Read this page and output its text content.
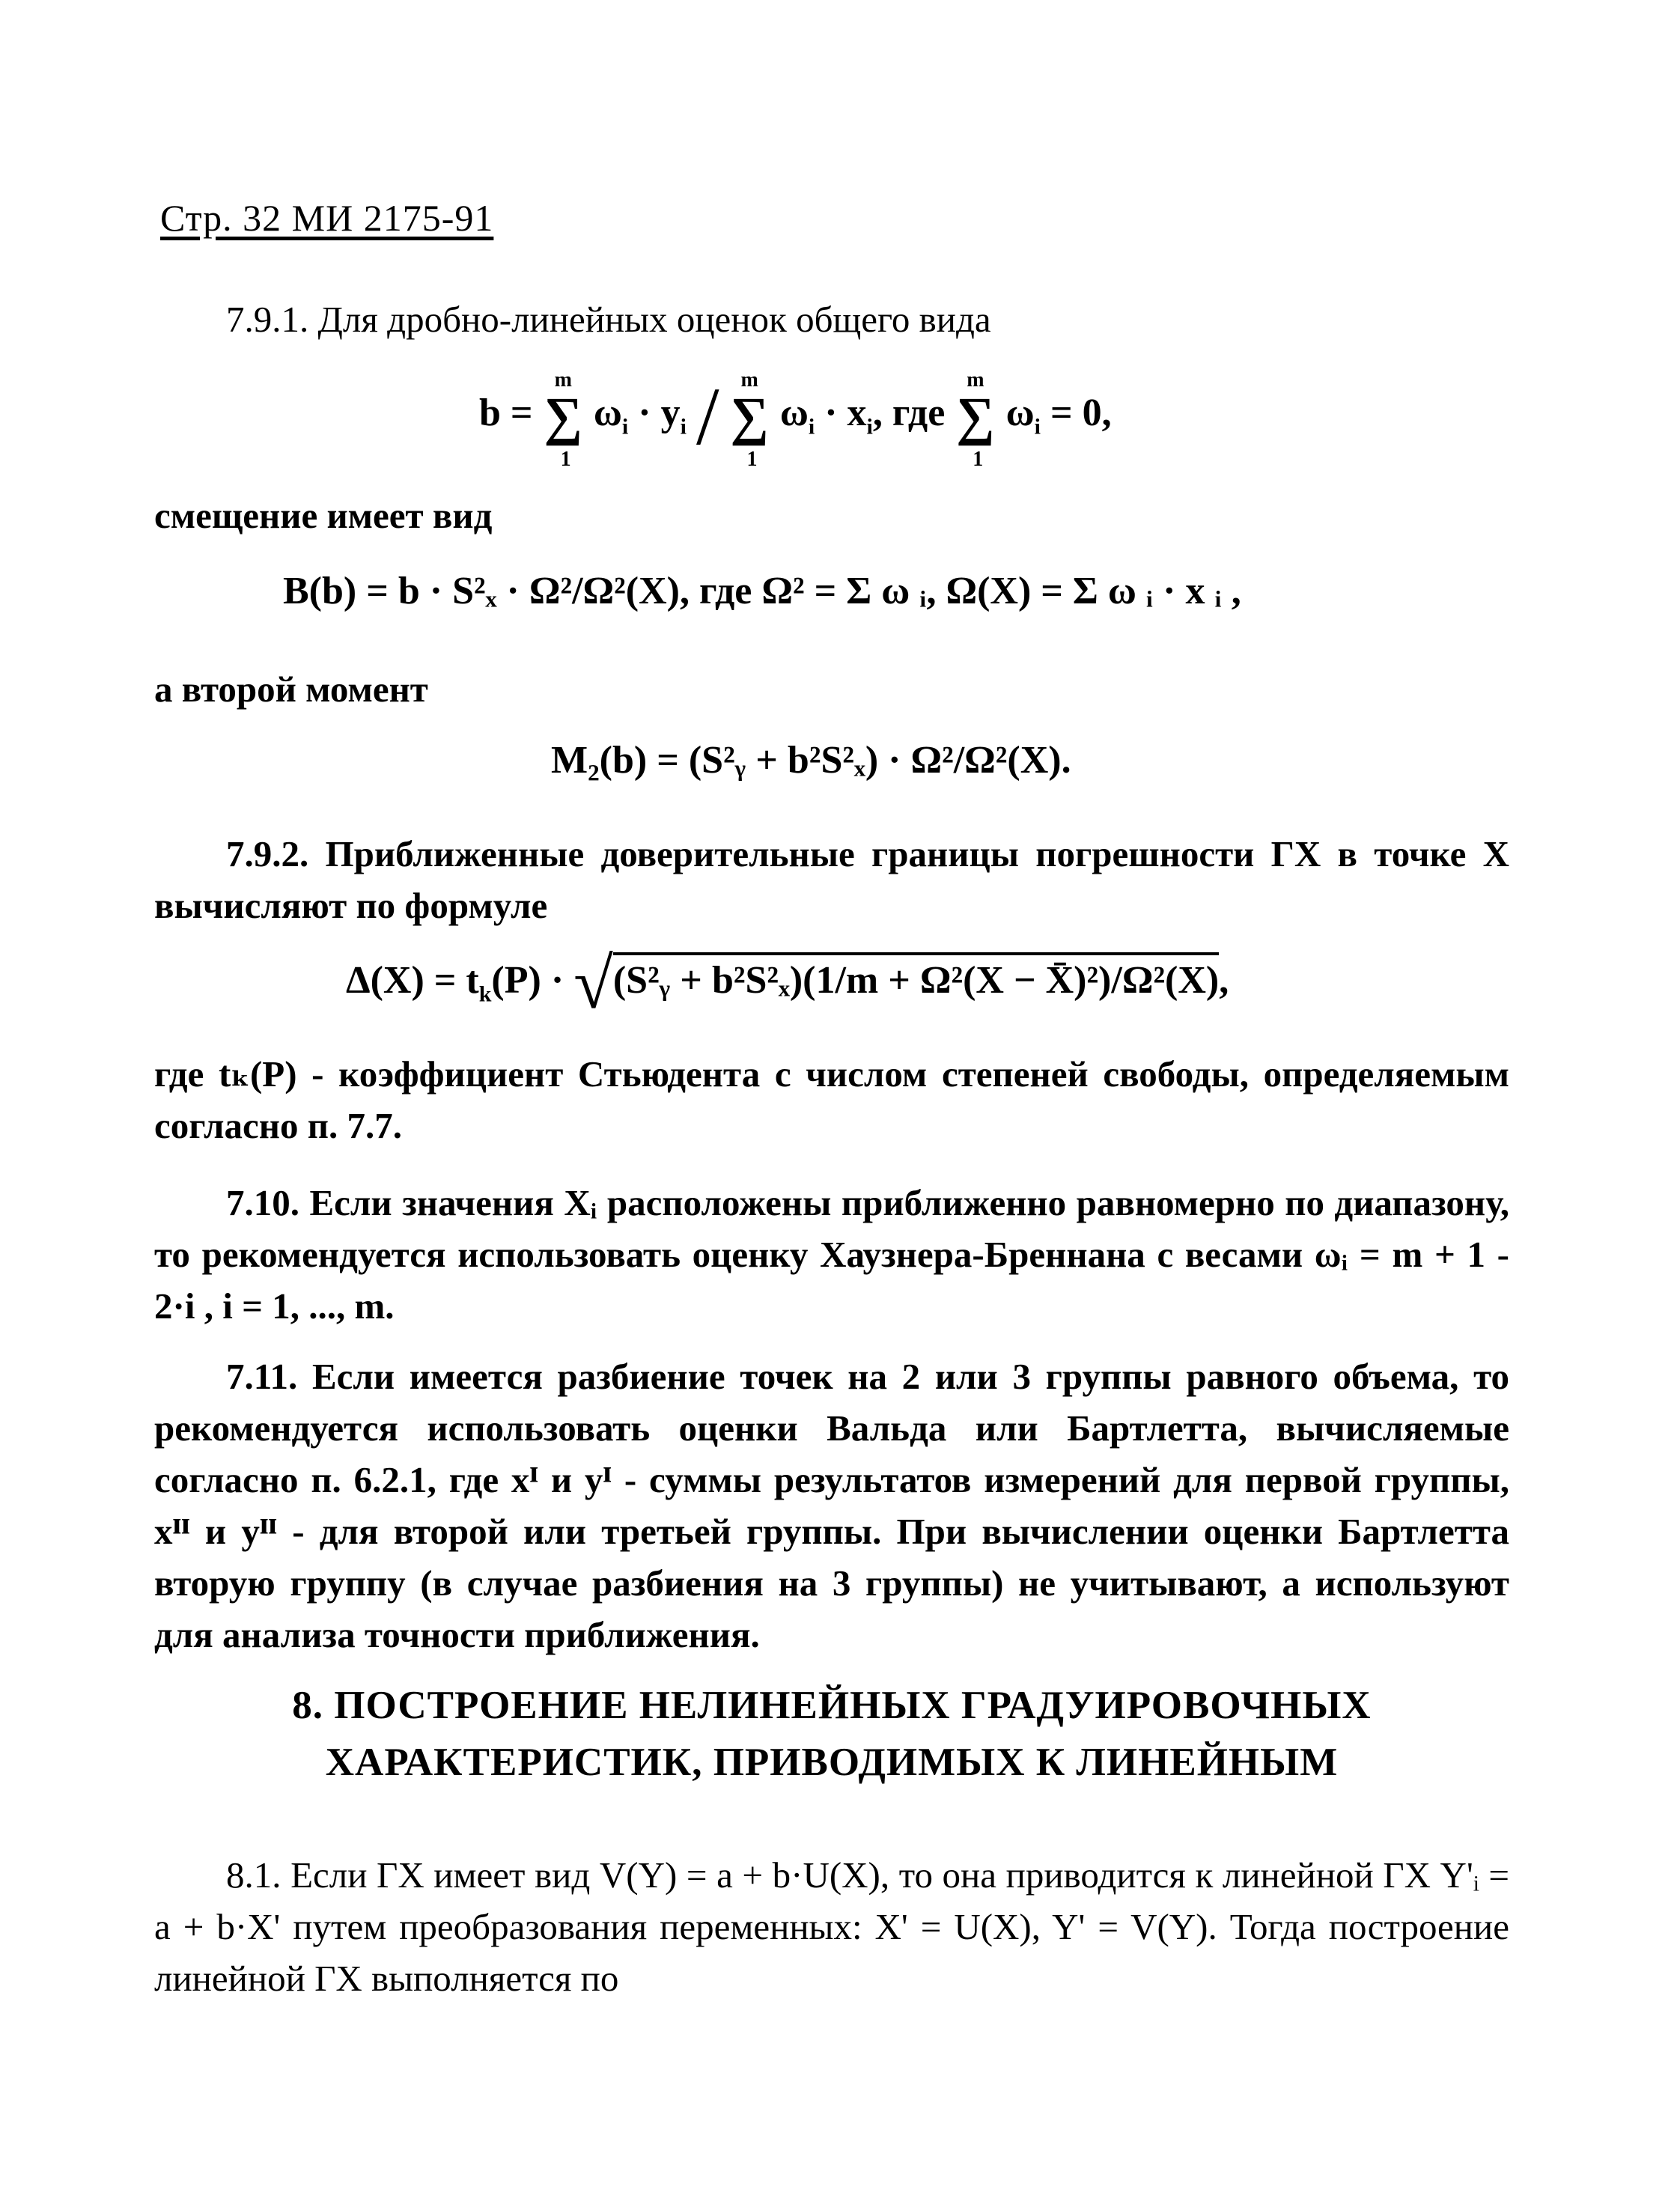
Стр. 32 МИ 2175-91
7.9.1. Для дробно-линейных оценок общего вида
b = ∑
m
1
$\omega_i \cdot y_i$ / ∑
m
1
$\omega_i \cdot x_i$, где ∑
m
1
$\omega_i = 0$,
смещение имеет вид
B(b) = b · S²ₓ · Ω²/Ω²(X), где Ω² = Σ ω ᵢ, Ω(X) = Σ ω ᵢ · x ᵢ ,
а второй момент
M₂(b) = (S²ᵧ + b²S²ₓ) · Ω²/Ω²(X).
7.9.2. Приближенные доверительные границы погрешности ГХ в точке X вычисляют по формуле
$\Delta(X) = t_k(P)$ · √(S²ᵧ + b²S²ₓ)(1/m + Ω²(X − X̄)²)/Ω²(X),
где tₖ(P) - коэффициент Стьюдента с числом степеней свободы, определяемым согласно п. 7.7.
7.10. Если значения Xᵢ расположены приближенно равномерно по диапазону, то рекомендуется использовать оценку Хаузнера-Бреннана с весами ωᵢ = m + 1 - 2·i , i = 1, ..., m.
7.11. Если имеется разбиение точек на 2 или 3 группы равного объема, то рекомендуется использовать оценки Вальда или Бартлетта, вычисляемые согласно п. 6.2.1, где xᴵ и yᴵ - суммы результатов измерений для первой группы, xᴵᴵ и yᴵᴵ - для второй или третьей группы. При вычислении оценки Бартлетта вторую группу (в случае разбиения на 3 группы) не учитывают, а используют для анализа точности приближения.
8. ПОСТРОЕНИЕ НЕЛИНЕЙНЫХ ГРАДУИРОВОЧНЫХ
ХАРАКТЕРИСТИК, ПРИВОДИМЫХ К ЛИНЕЙНЫМ
8.1. Если ГХ имеет вид V(Y) = a + b·U(X), то она приводится к линейной ГХ Y'ᵢ = a + b·X' путем преобразования переменных: X' = U(X), Y' = V(Y). Тогда построение линейной ГХ выполняется по
